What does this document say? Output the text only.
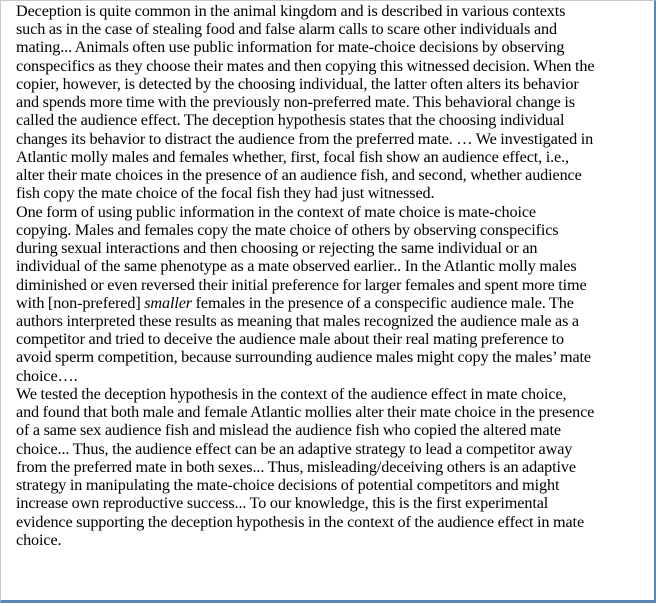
Deception is quite common in the animal kingdom and is described in various contexts
such as in the case of stealing food and false alarm calls to scare other individuals and
mating... Animals often use public information for mate-choice decisions by observing
conspecifics as they choose their mates and then copying this witnessed decision. When the
copier, however, is detected by the choosing individual, the latter often alters its behavior
and spends more time with the previously non-preferred mate. This behavioral change is
called the audience effect. The deception hypothesis states that the choosing individual
changes its behavior to distract the audience from the preferred mate. … We investigated in
Atlantic molly males and females whether, first, focal fish show an audience effect, i.e.,
alter their mate choices in the presence of an audience fish, and second, whether audience
fish copy the mate choice of the focal fish they had just witnessed.
One form of using public information in the context of mate choice is mate-choice
copying. Males and females copy the mate choice of others by observing conspecifics
during sexual interactions and then choosing or rejecting the same individual or an
individual of the same phenotype as a mate observed earlier.. In the Atlantic molly males
diminished or even reversed their initial preference for larger females and spent more time
with [non-prefered] smaller females in the presence of a conspecific audience male. The
authors interpreted these results as meaning that males recognized the audience male as a
competitor and tried to deceive the audience male about their real mating preference to
avoid sperm competition, because surrounding audience males might copy the males’ mate
choice….
We tested the deception hypothesis in the context of the audience effect in mate choice,
and found that both male and female Atlantic mollies alter their mate choice in the presence
of a same sex audience fish and mislead the audience fish who copied the altered mate
choice... Thus, the audience effect can be an adaptive strategy to lead a competitor away
from the preferred mate in both sexes... Thus, misleading/deceiving others is an adaptive
strategy in manipulating the mate-choice decisions of potential competitors and might
increase own reproductive success... To our knowledge, this is the first experimental
evidence supporting the deception hypothesis in the context of the audience effect in mate
choice.
